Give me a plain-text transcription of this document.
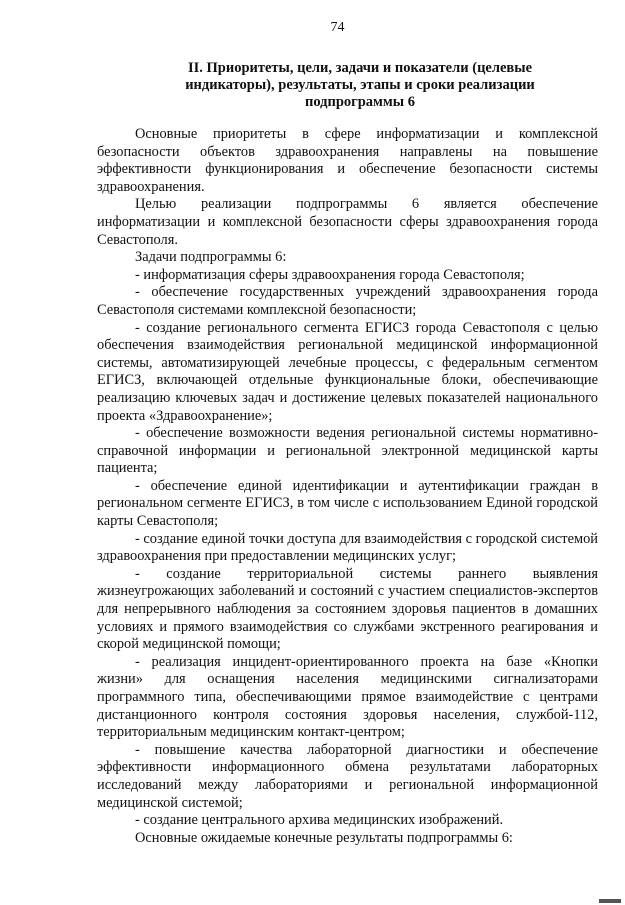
74
II. Приоритеты, цели, задачи и показатели (целевые индикаторы), результаты, этапы и сроки реализации подпрограммы 6

Основные приоритеты в сфере информатизации и комплексной безопасности объектов здравоохранения направлены на повышение эффективности функционирования и обеспечение безопасности системы здравоохранения.

Целью реализации подпрограммы 6 является обеспечение информатизации и комплексной безопасности сферы здравоохранения города Севастополя.

Задачи подпрограммы 6:

- информатизация сферы здравоохранения города Севастополя;

- обеспечение государственных учреждений здравоохранения города Севастополя системами комплексной безопасности;

- создание регионального сегмента ЕГИСЗ города Севастополя с целью обеспечения взаимодействия региональной медицинской информационной системы, автоматизирующей лечебные процессы, с федеральным сегментом ЕГИСЗ, включающей отдельные функциональные блоки, обеспечивающие реализацию ключевых задач и достижение целевых показателей национального проекта «Здравоохранение»;

- обеспечение возможности ведения региональной системы нормативно-справочной информации и региональной электронной медицинской карты пациента;

- обеспечение единой идентификации и аутентификации граждан в региональном сегменте ЕГИСЗ, в том числе с использованием Единой городской карты Севастополя;

- создание единой точки доступа для взаимодействия с городской системой здравоохранения при предоставлении медицинских услуг;

- создание территориальной системы раннего выявления жизнеугрожающих заболеваний и состояний с участием специалистов-экспертов для непрерывного наблюдения за состоянием здоровья пациентов в домашних условиях и прямого взаимодействия со службами экстренного реагирования и скорой медицинской помощи;

- реализация инцидент-ориентированного проекта на базе «Кнопки жизни» для оснащения населения медицинскими сигнализаторами программного типа, обеспечивающими прямое взаимодействие с центрами дистанционного контроля состояния здоровья населения, службой-112, территориальным медицинским контакт-центром;

- повышение качества лабораторной диагностики и обеспечение эффективности информационного обмена результатами лабораторных исследований между лабораториями и региональной информационной медицинской системой;

- создание центрального архива медицинских изображений.

Основные ожидаемые конечные результаты подпрограммы 6:
